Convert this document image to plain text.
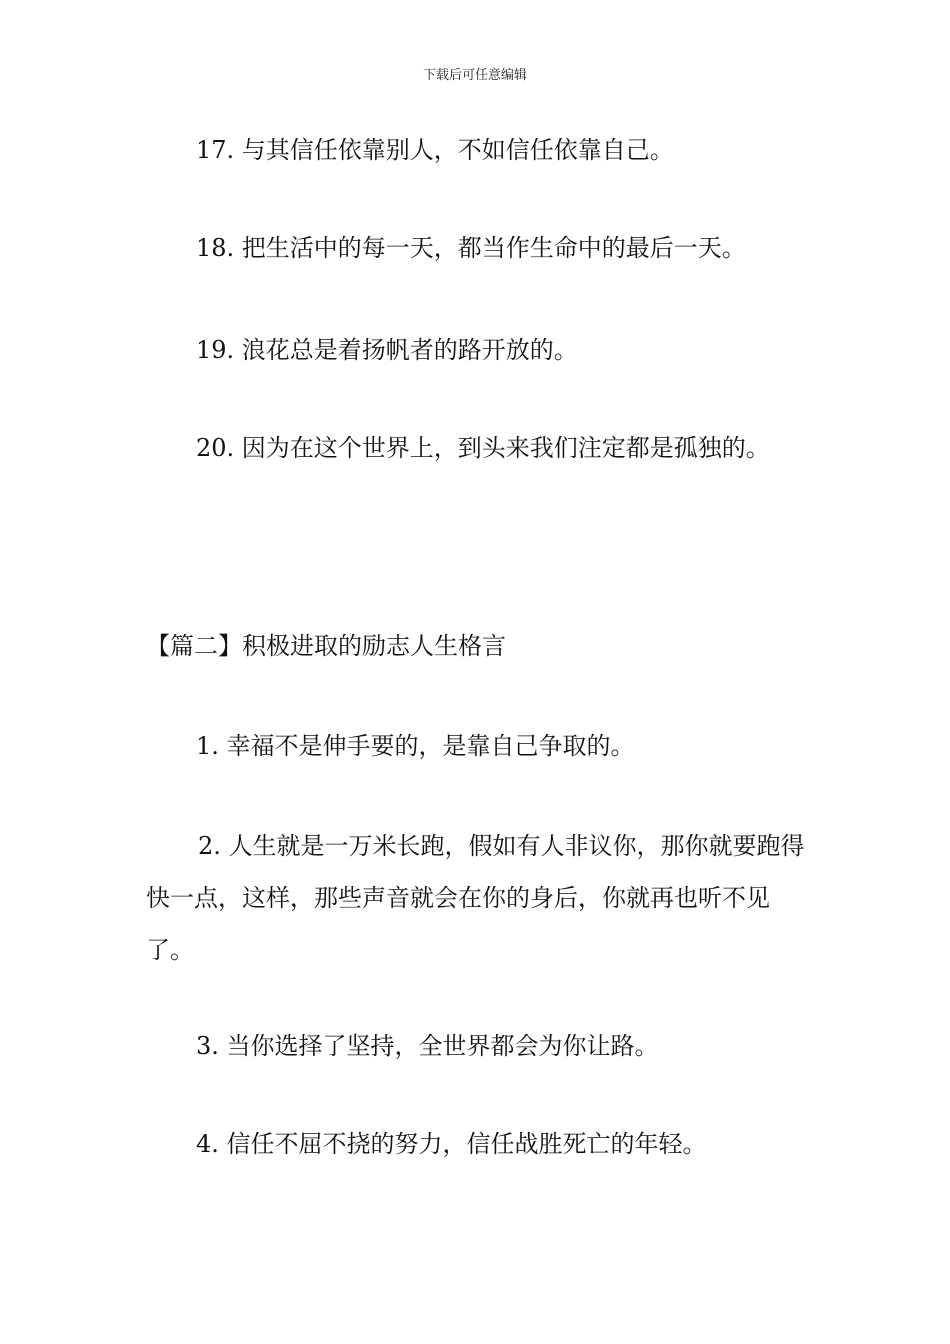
下载后可任意编辑
17. 与其信任依靠别人，不如信任依靠自己。
18. 把生活中的每一天，都当作生命中的最后一天。
19. 浪花总是着扬帆者的路开放的。
20. 因为在这个世界上，到头来我们注定都是孤独的。
【篇二】积极进取的励志人生格言
1. 幸福不是伸手要的，是靠自己争取的。
2. 人生就是一万米长跑，假如有人非议你，那你就要跑得快一点，这样，那些声音就会在你的身后，你就再也听不见了。
3. 当你选择了坚持，全世界都会为你让路。
4. 信任不屈不挠的努力，信任战胜死亡的年轻。
